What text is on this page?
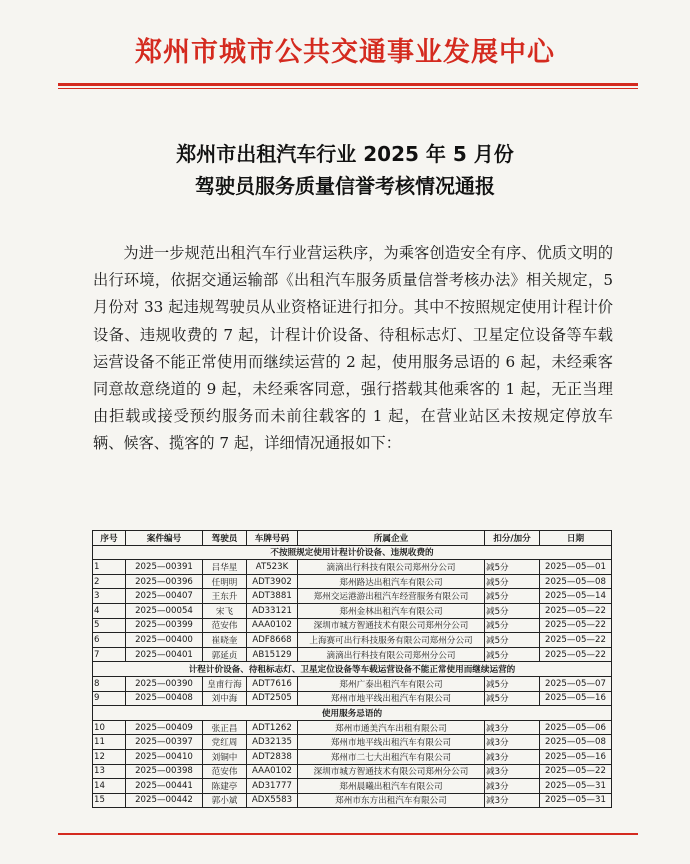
郑州市城市公共交通事业发展中心
郑州市出租汽车行业 2025 年 5 月份
驾驶员服务质量信誉考核情况通报
为进一步规范出租汽车行业营运秩序，为乘客创造安全有序、优质文明的出行环境，依据交通运输部《出租汽车服务质量信誉考核办法》相关规定，5 月份对 33 起违规驾驶员从业资格证进行扣分。其中不按照规定使用计程计价设备、违规收费的 7 起，计程计价设备、待租标志灯、卫星定位设备等车载运营设备不能正常使用而继续运营的 2 起，使用服务忌语的 6 起，未经乘客同意故意绕道的 9 起，未经乘客同意，强行搭载其他乘客的 1 起，无正当理由拒载或接受预约服务而未前往载客的 1 起，在营业站区未按规定停放车辆、候客、揽客的 7 起，详细情况通报如下：
序号	案件编号	驾驶员	车牌号码	所属企业	扣分/加分	日期
不按照规定使用计程计价设备、违规收费的						
1	2025—00391	吕华星	AT523K	滴滴出行科技有限公司郑州分公司	减5分	2025—05—01
2	2025—00396	任明明	ADT3902	郑州路达出租汽车有限公司	减5分	2025—05—08
3	2025—00407	王东升	ADT3881	郑州交运港游出租汽车经营服务有限公司	减5分	2025—05—14
4	2025—00054	宋飞	AD33121	郑州金林出租汽车有限公司	减5分	2025—05—22
5	2025—00399	范安伟	AAA0102	深圳市城方智通技术有限公司郑州分公司	减5分	2025—05—22
6	2025—00400	崔晓奎	ADF8668	上海赛可出行科技服务有限公司郑州分公司	减5分	2025—05—22
7	2025—00401	郭延贞	AB15129	滴滴出行科技有限公司郑州分公司	减5分	2025—05—22
计程计价设备、待租标志灯、卫星定位设备等车载运营设备不能正常使用而继续运营的						
8	2025—00390	皇甫行海	ADT7616	郑州广泰出租汽车有限公司	减5分	2025—05—07
9	2025—00408	刘中海	ADT2505	郑州市地平线出租汽车有限公司	减5分	2025—05—16
使用服务忌语的						
10	2025—00409	张正昌	ADT1262	郑州市通美汽车出租有限公司	减3分	2025—05—06
11	2025—00397	党红周	AD32135	郑州市地平线出租汽车有限公司	减3分	2025—05—08
12	2025—00410	刘铜中	ADT2838	郑州市二七大出租汽车有限公司	减3分	2025—05—16
13	2025—00398	范安伟	AAA0102	深圳市城方智通技术有限公司郑州分公司	减3分	2025—05—22
14	2025—00441	陈建亭	AD31777	郑州晨曦出租汽车有限公司	减3分	2025—05—31
15	2025—00442	郭小斌	ADX5583	郑州市东方出租汽车有限公司	减3分	2025—05—31
